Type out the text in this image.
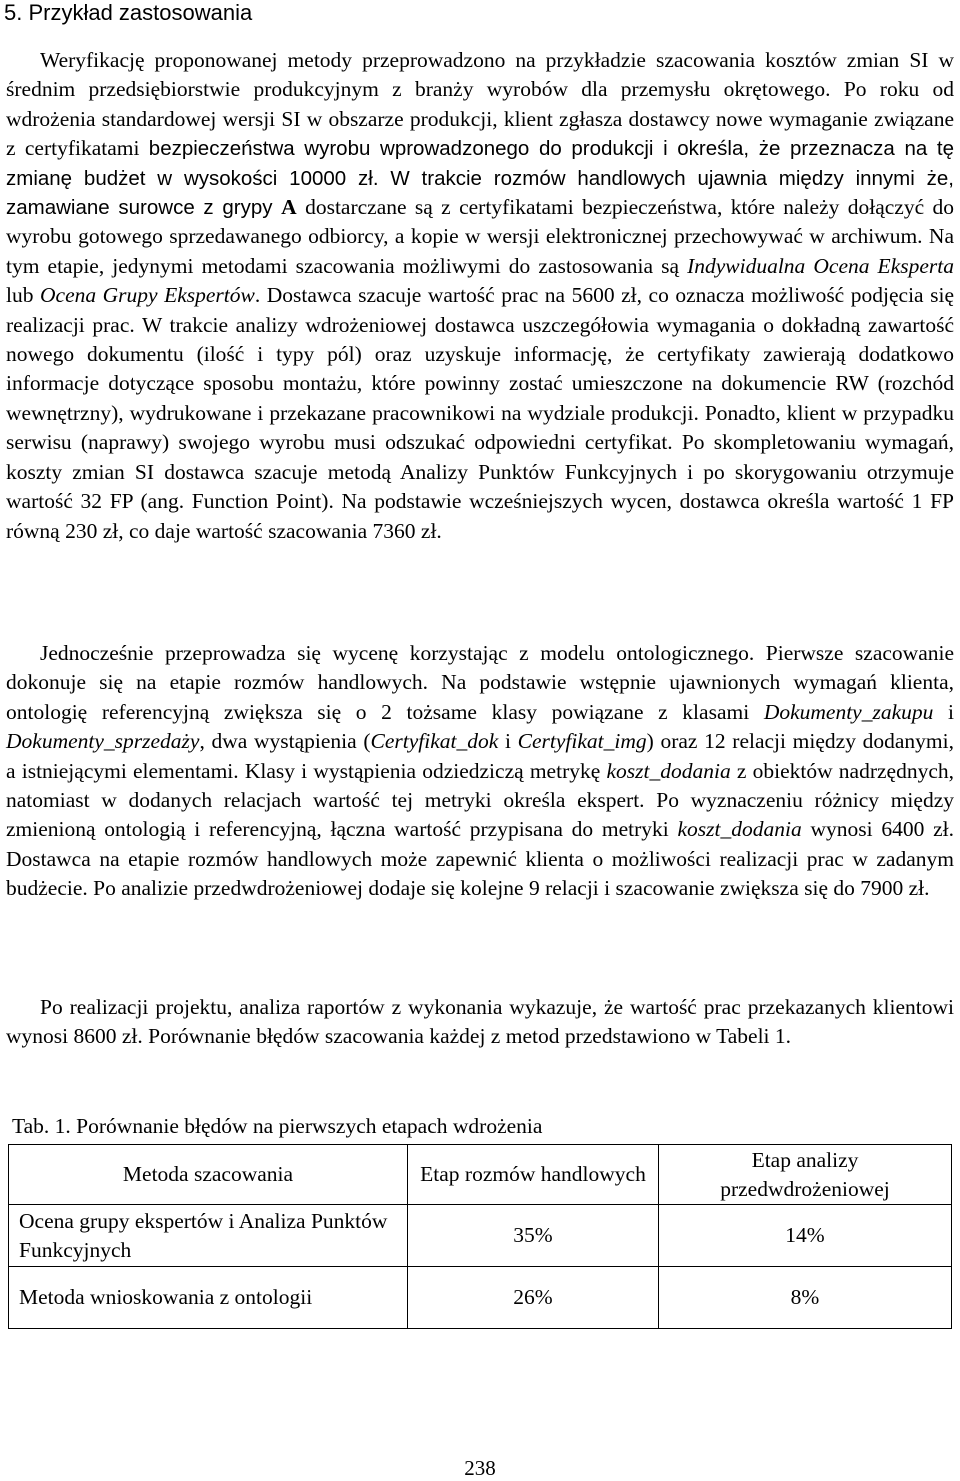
5. Przykład zastosowania

Weryfikację proponowanej metody przeprowadzono na przykładzie szacowania kosztów zmian SI w średnim przedsiębiorstwie produkcyjnym z branży wyrobów dla przemysłu okrętowego. Po roku od wdrożenia standardowej wersji SI w obszarze produkcji, klient zgłasza dostawcy nowe wymaganie związane z certyfikatami bezpieczeństwa wyrobu wprowadzonego do produkcji i określa, że przeznacza na tę zmianę budżet w wysokości 10000 zł. W trakcie rozmów handlowych ujawnia między innymi że, zamawiane surowce z grypy A dostarczane są z certyfikatami bezpieczeństwa, które należy dołączyć do wyrobu gotowego sprzedawanego odbiorcy, a kopie w wersji elektronicznej przechowywać w archiwum. Na tym etapie, jedynymi metodami szacowania możliwymi do zastosowania są Indywidualna Ocena Eksperta lub Ocena Grupy Ekspertów. Dostawca szacuje wartość prac na 5600 zł, co oznacza możliwość podjęcia się realizacji prac. W trakcie analizy wdrożeniowej dostawca uszczegółowia wymagania o dokładną zawartość nowego dokumentu (ilość i typy pól) oraz uzyskuje informację, że certyfikaty zawierają dodatkowo informacje dotyczące sposobu montażu, które powinny zostać umieszczone na dokumencie RW (rozchód wewnętrzny), wydrukowane i przekazane pracownikowi na wydziale produkcji. Ponadto, klient w przypadku serwisu (naprawy) swojego wyrobu musi odszukać odpowiedni certyfikat. Po skompletowaniu wymagań, koszty zmian SI dostawca szacuje metodą Analizy Punktów Funkcyjnych i po skorygowaniu otrzymuje wartość 32 FP (ang. Function Point). Na podstawie wcześniejszych wycen, dostawca określa wartość 1 FP równą 230 zł, co daje wartość szacowania 7360 zł.

Jednocześnie przeprowadza się wycenę korzystając z modelu ontologicznego. Pierwsze szacowanie dokonuje się na etapie rozmów handlowych. Na podstawie wstępnie ujawnionych wymagań klienta, ontologię referencyjną zwiększa się o 2 tożsame klasy powiązane z klasami Dokumenty_zakupu i Dokumenty_sprzedaży, dwa wystąpienia (Certyfikat_dok i Certyfikat_img) oraz 12 relacji między dodanymi, a istniejącymi elementami. Klasy i wystąpienia odziedziczą metrykę koszt_dodania z obiektów nadrzędnych, natomiast w dodanych relacjach wartość tej metryki określa ekspert. Po wyznaczeniu różnicy między zmienioną ontologią i referencyjną, łączna wartość przypisana do metryki koszt_dodania wynosi 6400 zł. Dostawca na etapie rozmów handlowych może zapewnić klienta o możliwości realizacji prac w zadanym budżecie. Po analizie przedwdrożeniowej dodaje się kolejne 9 relacji i szacowanie zwiększa się do 7900 zł.

Po realizacji projektu, analiza raportów z wykonania wykazuje, że wartość prac przekazanych klientowi wynosi 8600 zł. Porównanie błędów szacowania każdej z metod przedstawiono w Tabeli 1.

Tab. 1. Porównanie błędów na pierwszych etapach wdrożenia
Metoda szacowania	Etap rozmów handlowych	Etap analizy przedwdrożeniowej
Ocena grupy ekspertów i Analiza Punktów Funkcyjnych	35%	14%
Metoda wnioskowania z ontologii	26%	8%
238
